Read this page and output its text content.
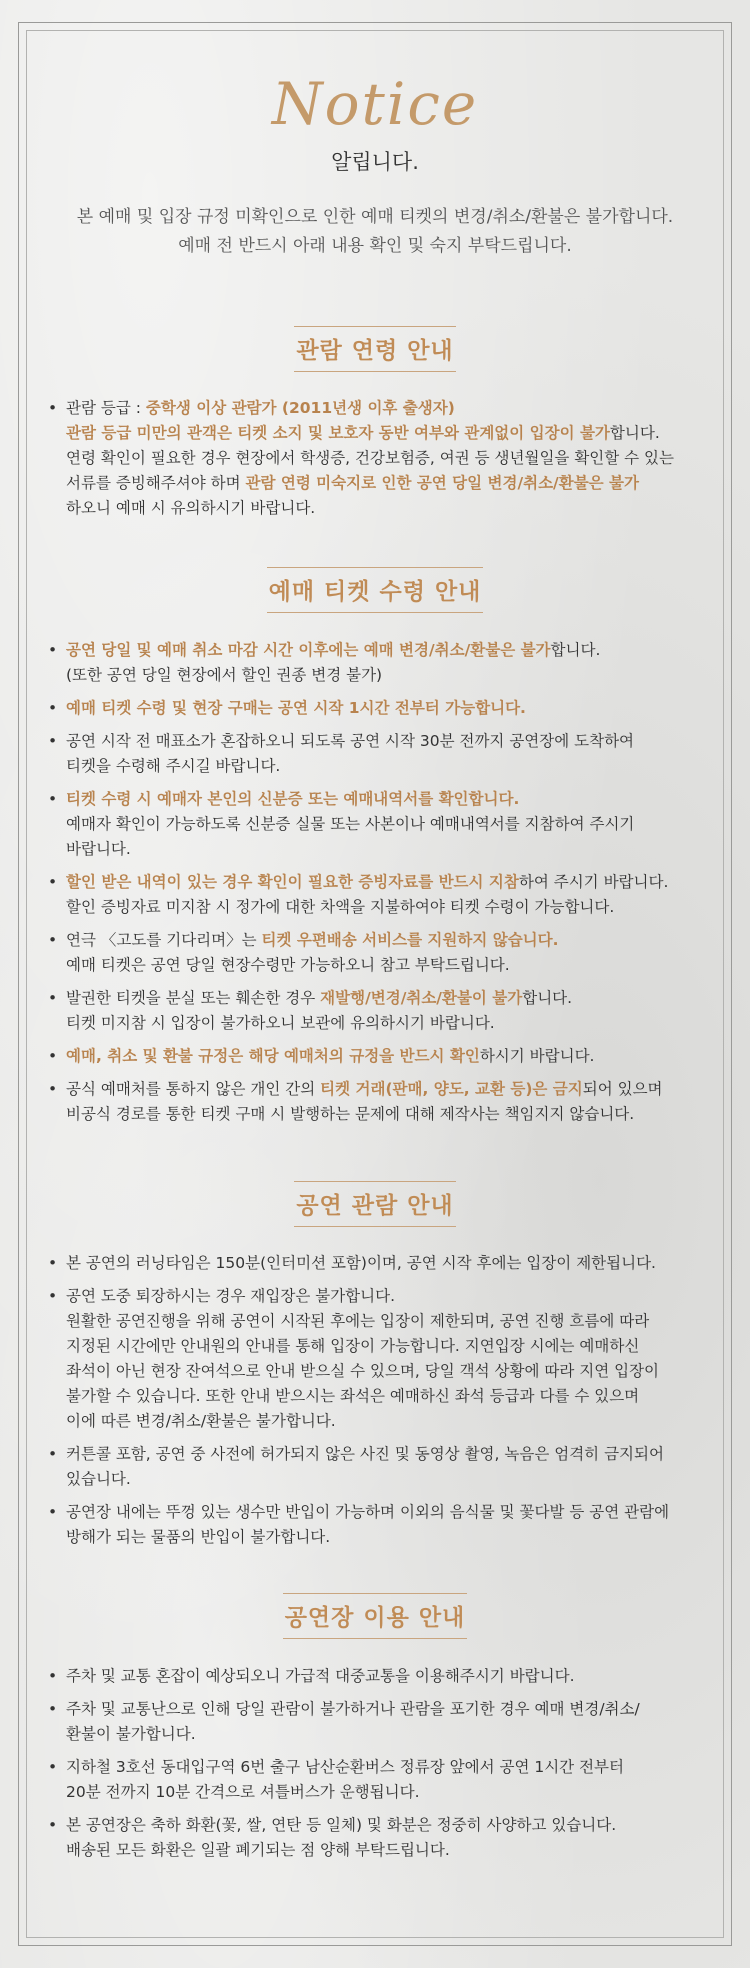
Notice
알립니다.
본 예매 및 입장 규정 미확인으로 인한 예매 티켓의 변경/취소/환불은 불가합니다.
예매 전 반드시 아래 내용 확인 및 숙지 부탁드립니다.
관람 연령 안내
• 관람 등급 : 중학생 이상 관람가 (2011년생 이후 출생자)
관람 등급 미만의 관객은 티켓 소지 및 보호자 동반 여부와 관계없이 입장이 불가합니다.
연령 확인이 필요한 경우 현장에서 학생증, 건강보험증, 여권 등 생년월일을 확인할 수 있는
서류를 증빙해주셔야 하며 관람 연령 미숙지로 인한 공연 당일 변경/취소/환불은 불가
하오니 예매 시 유의하시기 바랍니다.
예매 티켓 수령 안내
• 공연 당일 및 예매 취소 마감 시간 이후에는 예매 변경/취소/환불은 불가합니다.
(또한 공연 당일 현장에서 할인 권종 변경 불가)
• 예매 티켓 수령 및 현장 구매는 공연 시작 1시간 전부터 가능합니다.
• 공연 시작 전 매표소가 혼잡하오니 되도록 공연 시작 30분 전까지 공연장에 도착하여
티켓을 수령해 주시길 바랍니다.
• 티켓 수령 시 예매자 본인의 신분증 또는 예매내역서를 확인합니다.
예매자 확인이 가능하도록 신분증 실물 또는 사본이나 예매내역서를 지참하여 주시기
바랍니다.
• 할인 받은 내역이 있는 경우 확인이 필요한 증빙자료를 반드시 지참하여 주시기 바랍니다.
할인 증빙자료 미지참 시 정가에 대한 차액을 지불하여야 티켓 수령이 가능합니다.
• 연극 〈고도를 기다리며〉는 티켓 우편배송 서비스를 지원하지 않습니다.
예매 티켓은 공연 당일 현장수령만 가능하오니 참고 부탁드립니다.
• 발권한 티켓을 분실 또는 훼손한 경우 재발행/변경/취소/환불이 불가합니다.
티켓 미지참 시 입장이 불가하오니 보관에 유의하시기 바랍니다.
• 예매, 취소 및 환불 규정은 해당 예매처의 규정을 반드시 확인하시기 바랍니다.
• 공식 예매처를 통하지 않은 개인 간의 티켓 거래(판매, 양도, 교환 등)은 금지되어 있으며
비공식 경로를 통한 티켓 구매 시 발행하는 문제에 대해 제작사는 책임지지 않습니다.
공연 관람 안내
• 본 공연의 러닝타임은 150분(인터미션 포함)이며, 공연 시작 후에는 입장이 제한됩니다.
• 공연 도중 퇴장하시는 경우 재입장은 불가합니다.
원활한 공연진행을 위해 공연이 시작된 후에는 입장이 제한되며, 공연 진행 흐름에 따라
지정된 시간에만 안내원의 안내를 통해 입장이 가능합니다. 지연입장 시에는 예매하신
좌석이 아닌 현장 잔여석으로 안내 받으실 수 있으며, 당일 객석 상황에 따라 지연 입장이
불가할 수 있습니다. 또한 안내 받으시는 좌석은 예매하신 좌석 등급과 다를 수 있으며
이에 따른 변경/취소/환불은 불가합니다.
• 커튼콜 포함, 공연 중 사전에 허가되지 않은 사진 및 동영상 촬영, 녹음은 엄격히 금지되어
있습니다.
• 공연장 내에는 뚜껑 있는 생수만 반입이 가능하며 이외의 음식물 및 꽃다발 등 공연 관람에
방해가 되는 물품의 반입이 불가합니다.
공연장 이용 안내
• 주차 및 교통 혼잡이 예상되오니 가급적 대중교통을 이용해주시기 바랍니다.
• 주차 및 교통난으로 인해 당일 관람이 불가하거나 관람을 포기한 경우 예매 변경/취소/
환불이 불가합니다.
• 지하철 3호선 동대입구역 6번 출구 남산순환버스 정류장 앞에서 공연 1시간 전부터
20분 전까지 10분 간격으로 셔틀버스가 운행됩니다.
• 본 공연장은 축하 화환(꽃, 쌀, 연탄 등 일체) 및 화분은 정중히 사양하고 있습니다.
배송된 모든 화환은 일괄 폐기되는 점 양해 부탁드립니다.
